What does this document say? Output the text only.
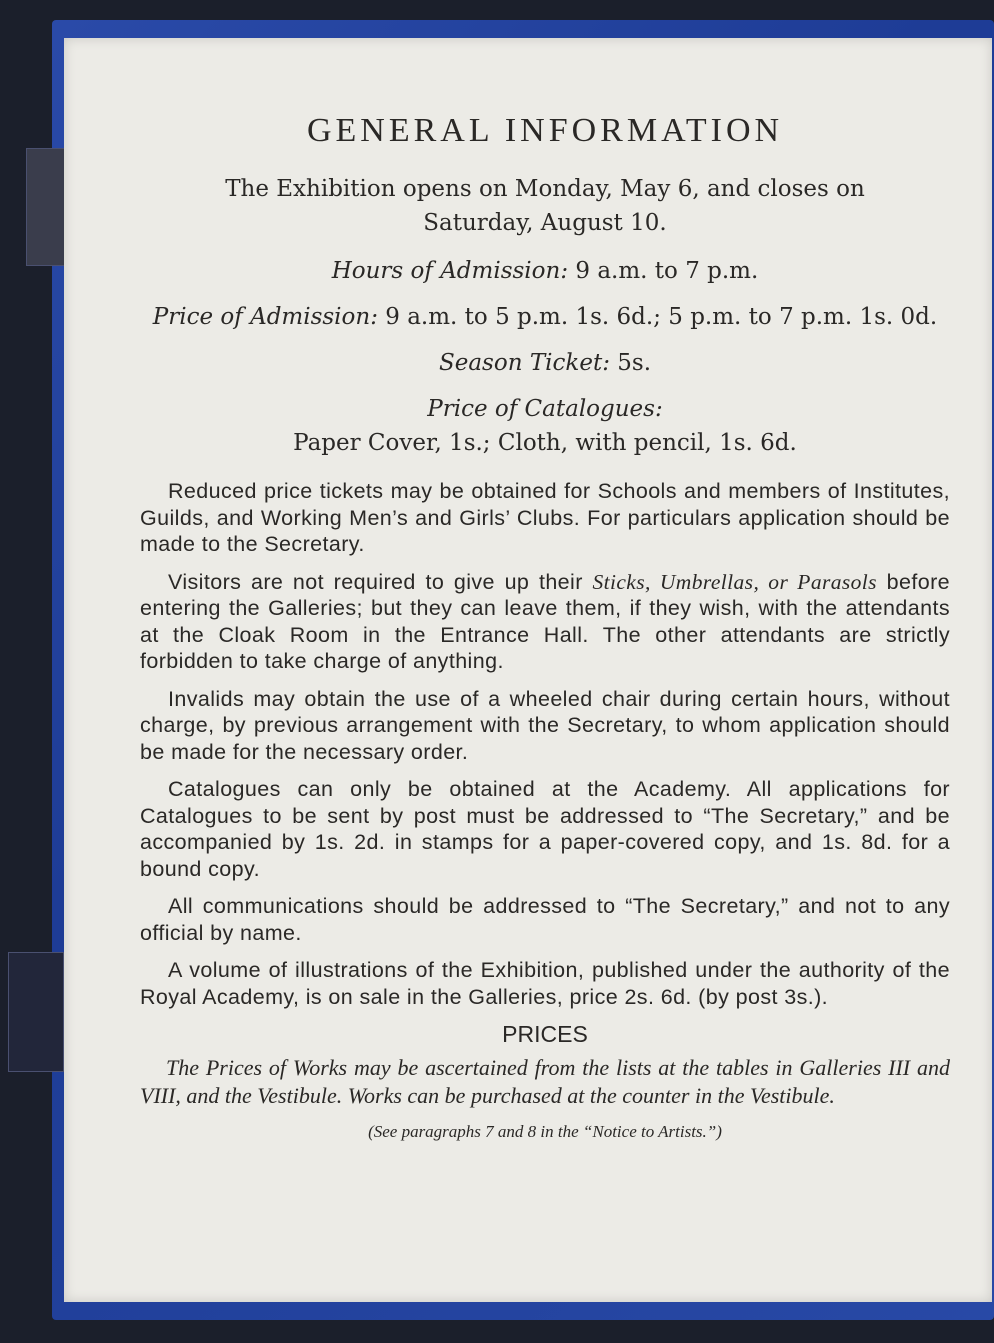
GENERAL INFORMATION
The Exhibition opens on Monday, May 6, and closes on
Saturday, August 10.

Hours of Admission: 9 a.m. to 7 p.m.

Price of Admission: 9 a.m. to 5 p.m. 1s. 6d.; 5 p.m. to 7 p.m. 1s. 0d.

Season Ticket: 5s.

Price of Catalogues:
Paper Cover, 1s.; Cloth, with pencil, 1s. 6d.

Reduced price tickets may be obtained for Schools and members of Institutes, Guilds, and Working Men’s and Girls’ Clubs. For particulars application should be made to the Secretary.

Visitors are not required to give up their Sticks, Umbrellas, or Parasols before entering the Galleries; but they can leave them, if they wish, with the attendants at the Cloak Room in the Entrance Hall. The other attendants are strictly forbidden to take charge of anything.

Invalids may obtain the use of a wheeled chair during certain hours, without charge, by previous arrangement with the Secretary, to whom application should be made for the necessary order.

Catalogues can only be obtained at the Academy. All applications for Catalogues to be sent by post must be addressed to “The Secretary,” and be accompanied by 1s. 2d. in stamps for a paper-covered copy, and 1s. 8d. for a bound copy.

All communications should be addressed to “The Secretary,” and not to any official by name.

A volume of illustrations of the Exhibition, published under the authority of the Royal Academy, is on sale in the Galleries, price 2s. 6d. (by post 3s.).

PRICES

The Prices of Works may be ascertained from the lists at the tables in Galleries III and VIII, and the Vestibule. Works can be purchased at the counter in the Vestibule.

(See paragraphs 7 and 8 in the “Notice to Artists.”)
